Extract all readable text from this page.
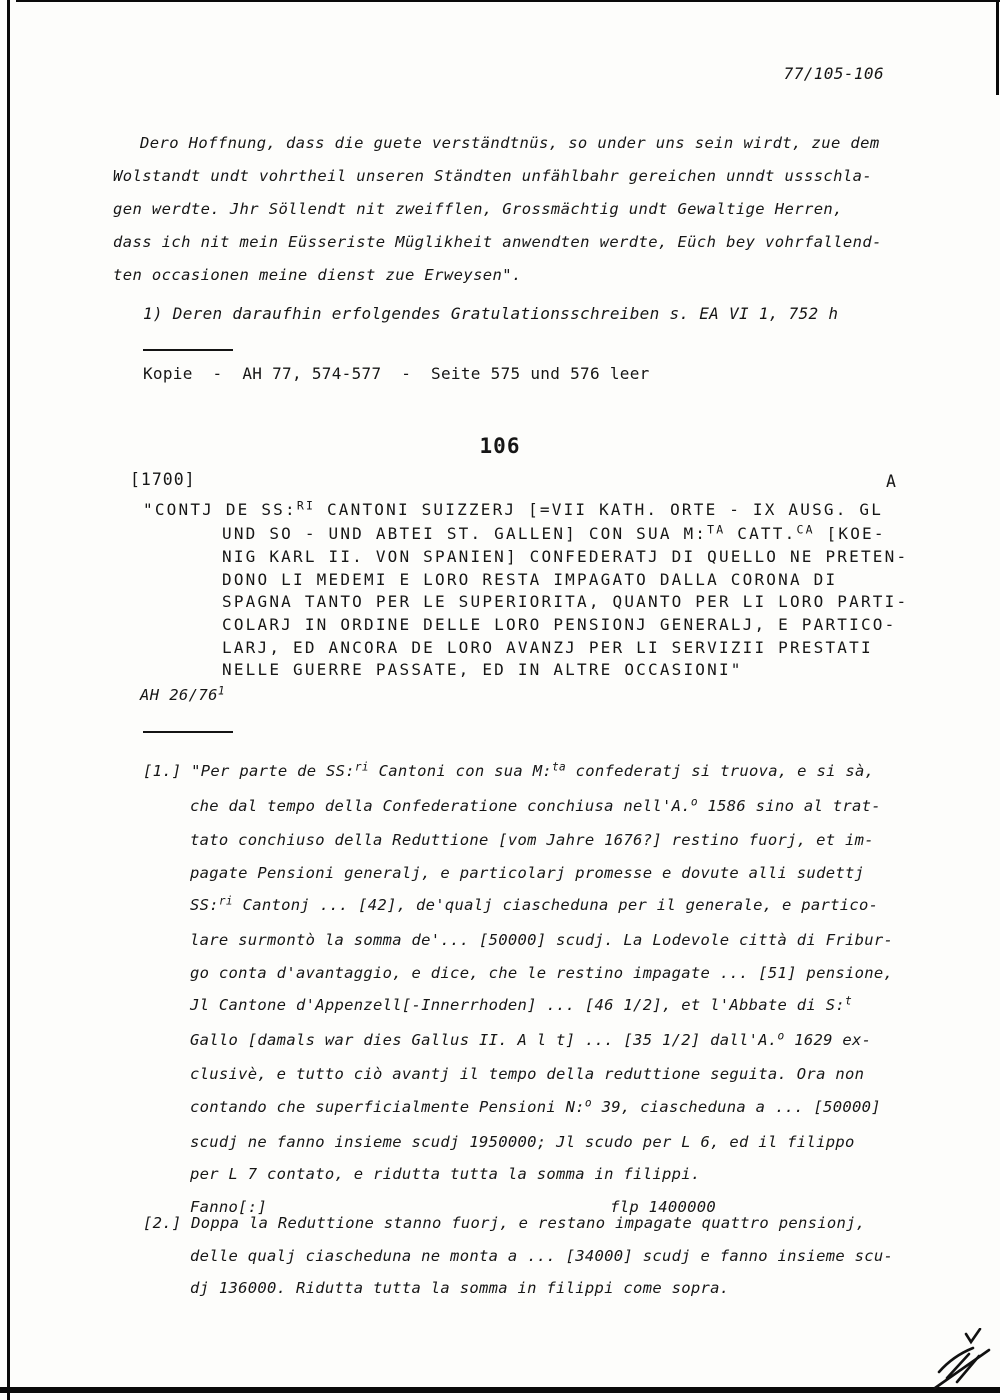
77/105-106
Dero Hoffnung, dass die guete verständtnüs, so under uns sein wirdt, zue dem
Wolstandt undt vohrtheil unseren Ständten unfählbahr gereichen unndt ussschla-
gen werdte. Jhr Söllendt nit zweifflen, Grossmächtig undt Gewaltige Herren,
dass ich nit mein Eüsseriste Müglikheit anwendten werdte, Eüch bey vohrfallend-
ten occasionen meine dienst zue Erweysen".
1) Deren daraufhin erfolgendes Gratulationsschreiben s. EA VI 1, 752 h
Kopie  -  AH 77, 574-577  -  Seite 575 und 576 leer
106
[1700]	A
"CONTJ DE SS:RI CANTONI SUIZZERJ [=VII KATH. ORTE - IX AUSG. GL
UND SO - UND ABTEI ST. GALLEN] CON SUA M:TA CATT.CA [KOE-
NIG KARL II. VON SPANIEN] CONFEDERATJ DI QUELLO NE PRETEN-
DONO LI MEDEMI E LORO RESTA IMPAGATO DALLA CORONA DI
SPAGNA TANTO PER LE SUPERIORITA, QUANTO PER LI LORO PARTI-
COLARJ IN ORDINE DELLE LORO PENSIONJ GENERALJ, E PARTICO-
LARJ, ED ANCORA DE LORO AVANZJ PER LI SERVIZII PRESTATI
NELLE GUERRE PASSATE, ED IN ALTRE OCCASIONI"
AH 26/761
[1.] "Per parte de SS:ri Cantoni con sua M:ta confederatj si truova, e si sà,
che dal tempo della Confederatione conchiusa nell'A.o 1586 sino al trat-
tato conchiuso della Reduttione [vom Jahre 1676?] restino fuorj, et im-
pagate Pensioni generalj, e particolarj promesse e dovute alli sudettj
SS:ri Cantonj ... [42], de'qualj ciascheduna per il generale, e partico-
lare surmontò la somma de'... [50000] scudj. La Lodevole città di Fribur-
go conta d'avantaggio, e dice, che le restino impagate ... [51] pensione,
Jl Cantone d'Appenzell[-Innerrhoden] ... [46 1/2], et l'Abbate di S:t
Gallo [damals war dies Gallus II. A l t] ... [35 1/2] dall'A.o 1629 ex-
clusivè, e tutto ciò avantj il tempo della reduttione seguita. Ora non
contando che superficialmente Pensioni N:o 39, ciascheduna a ... [50000]
scudj ne fanno insieme scudj 1950000; Jl scudo per L 6, ed il filippo
per L 7 contato, e ridutta tutta la somma in filippi.
Fanno[:]	flp 1400000
[2.] Doppa la Reduttione stanno fuorj, e restano impagate quattro pensionj,
delle qualj ciascheduna ne monta a ... [34000] scudj e fanno insieme scu-
dj 136000. Ridutta tutta la somma in filippi come sopra.
